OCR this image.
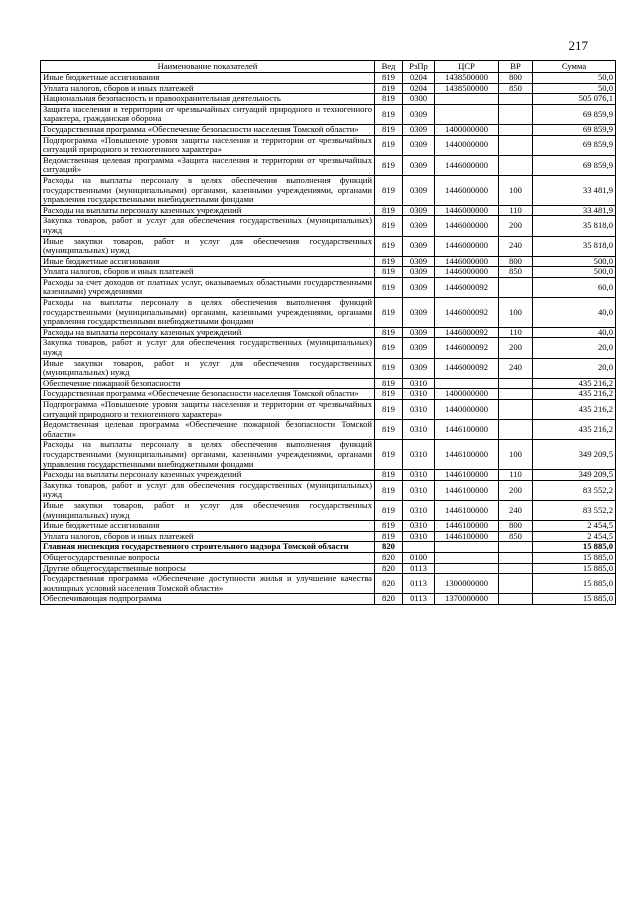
217
Наименование показателей	Вед	РзПр	ЦСР	ВР	Сумма
Иные бюджетные ассигнования	819	0204	1438500000	800	50,0
Уплата налогов, сборов и иных платежей	819	0204	1438500000	850	50,0
Национальная безопасность и правоохранительная деятельность	819	0300			505 076,1
Защита населения и территории от чрезвычайных ситуаций природного и техногенного характера, гражданская оборона	819	0309			69 859,9
Государственная программа «Обеспечение безопасности населения Томской области»	819	0309	1400000000		69 859,9
Подпрограмма «Повышение уровня защиты населения и территории от чрезвычайных ситуаций природного и техногенного характера»	819	0309	1440000000		69 859,9
Ведомственная целевая программа «Защита населения и территории от чрезвычайных ситуаций»	819	0309	1446000000		69 859,9
Расходы на выплаты персоналу в целях обеспечения выполнения функций государственными (муниципальными) органами, казенными учреждениями, органами управления государственными внебюджетными фондами	819	0309	1446000000	100	33 481,9
Расходы на выплаты персоналу казенных учреждений	819	0309	1446000000	110	33 481,9
Закупка товаров, работ и услуг для обеспечения государственных (муниципальных) нужд	819	0309	1446000000	200	35 818,0
Иные закупки товаров, работ и услуг для обеспечения государственных (муниципальных) нужд	819	0309	1446000000	240	35 818,0
Иные бюджетные ассигнования	819	0309	1446000000	800	500,0
Уплата налогов, сборов и иных платежей	819	0309	1446000000	850	500,0
Расходы за счет доходов от платных услуг, оказываемых областными государственными казенными) учреждениями	819	0309	1446000092		60,0
Расходы на выплаты персоналу в целях обеспечения выполнения функций государственными (муниципальными) органами, казенными учреждениями, органами управления государственными внебюджетными фондами	819	0309	1446000092	100	40,0
Расходы на выплаты персоналу казенных учреждений	819	0309	1446000092	110	40,0
Закупка товаров, работ и услуг для обеспечения государственных (муниципальных) нужд	819	0309	1446000092	200	20,0
Иные закупки товаров, работ и услуг для обеспечения государственных (муниципальных) нужд	819	0309	1446000092	240	20,0
Обеспечение пожарной безопасности	819	0310			435 216,2
Государственная программа «Обеспечение безопасности населения Томской области»	819	0310	1400000000		435 216,2
Подпрограмма «Повышение уровня защиты населения и территории от чрезвычайных ситуаций природного и техногенного характера»	819	0310	1440000000		435 216,2
Ведомственная целевая программа «Обеспечение пожарной безопасности Томской области»	819	0310	1446100000		435 216,2
Расходы на выплаты персоналу в целях обеспечения выполнения функций государственными (муниципальными) органами, казенными учреждениями, органами управления государственными внебюджетными фондами	819	0310	1446100000	100	349 209,5
Расходы на выплаты персоналу казенных учреждений	819	0310	1446100000	110	349 209,5
Закупка товаров, работ и услуг для обеспечения государственных (муниципальных) нужд	819	0310	1446100000	200	83 552,2
Иные закупки товаров, работ и услуг для обеспечения государственных (муниципальных) нужд	819	0310	1446100000	240	83 552,2
Иные бюджетные ассигнования	819	0310	1446100000	800	2 454,5
Уплата налогов, сборов и иных платежей	819	0310	1446100000	850	2 454,5
Главная инспекция государственного строительного надзора Томской области	820				15 885,0
Общегосударственные вопросы	820	0100			15 885,0
Другие общегосударственные вопросы	820	0113			15 885,0
Государственная программа «Обеспечение доступности жилья и улучшение качества жилищных условий населения Томской области»	820	0113	1300000000		15 885,0
Обеспечивающая подпрограмма	820	0113	1370000000		15 885,0
